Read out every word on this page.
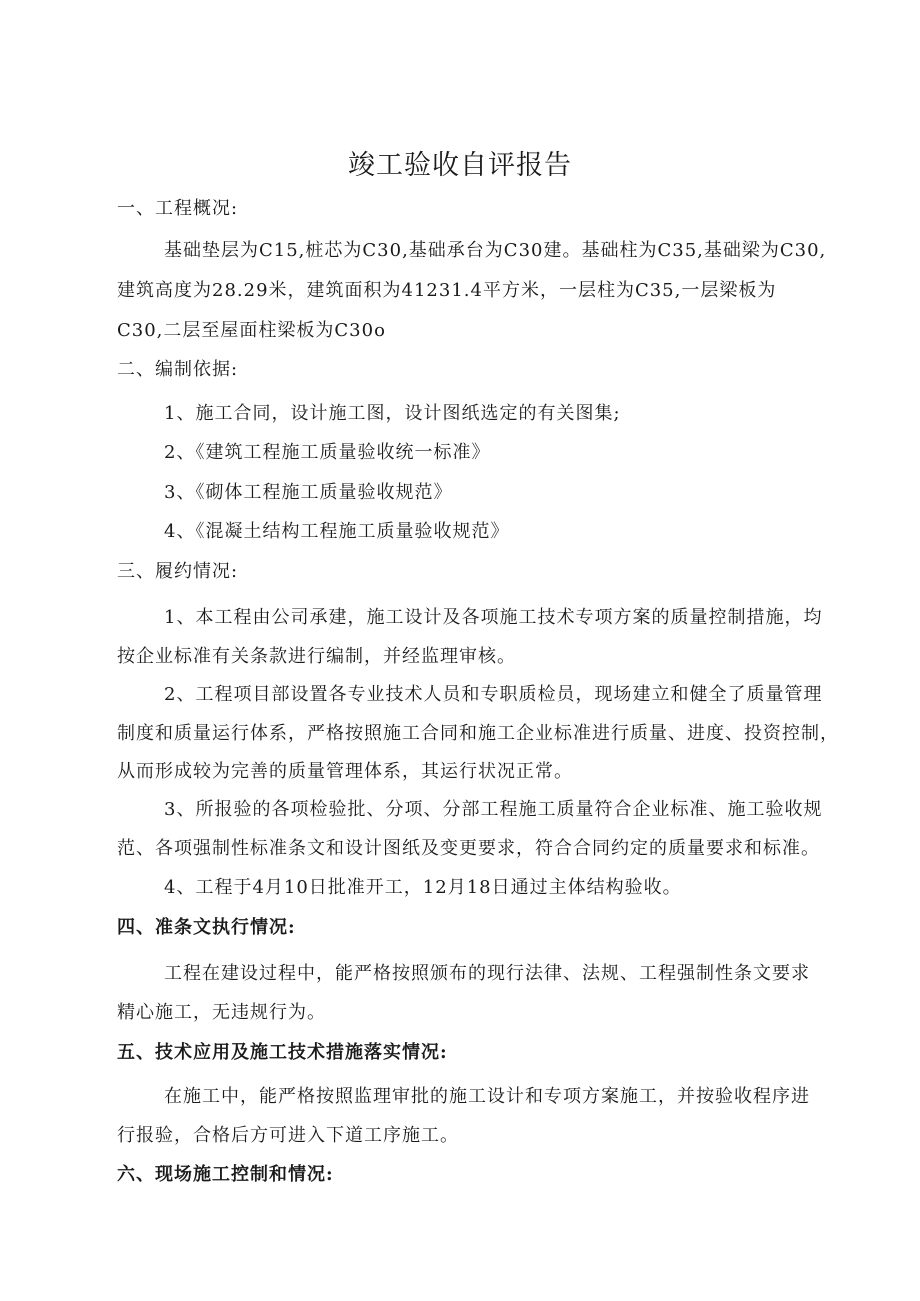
竣工验收自评报告
一、工程概况:
基础垫层为C15,桩芯为C30,基础承台为C30建。基础柱为C35,基础梁为C30,
建筑高度为28.29米，建筑面积为41231.4平方米，一层柱为C35,一层梁板为
C30,二层至屋面柱梁板为C30o
二、编制依据:
1、施工合同，设计施工图，设计图纸选定的有关图集;
2、《建筑工程施工质量验收统一标准》
3、《砌体工程施工质量验收规范》
4、《混凝土结构工程施工质量验收规范》
三、履约情况:
1、本工程由公司承建，施工设计及各项施工技术专项方案的质量控制措施，均
按企业标准有关条款进行编制，并经监理审核。
2、工程项目部设置各专业技术人员和专职质检员，现场建立和健全了质量管理
制度和质量运行体系，严格按照施工合同和施工企业标准进行质量、进度、投资控制，
从而形成较为完善的质量管理体系，其运行状况正常。
3、所报验的各项检验批、分项、分部工程施工质量符合企业标准、施工验收规
范、各项强制性标准条文和设计图纸及变更要求，符合合同约定的质量要求和标准。
4、工程于4月10日批准开工，12月18日通过主体结构验收。
四、准条文执行情况:
工程在建设过程中，能严格按照颁布的现行法律、法规、工程强制性条文要求
精心施工，无违规行为。
五、技术应用及施工技术措施落实情况:
在施工中，能严格按照监理审批的施工设计和专项方案施工，并按验收程序进
行报验，合格后方可进入下道工序施工。
六、现场施工控制和情况:
